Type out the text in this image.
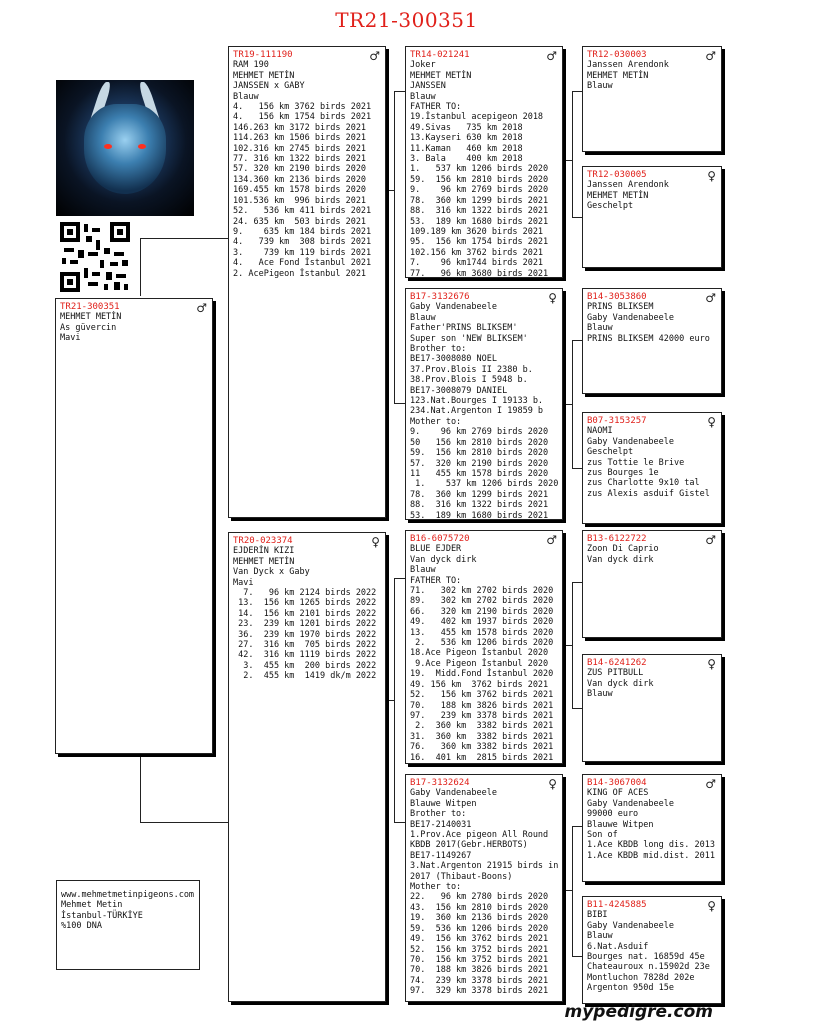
TR21-300351
TR21-300351	♂
MEHMET METİN
As güvercin
Mavi
www.mehmetmetinpigeons.com
Mehmet Metin
İstanbul-TÜRKİYE
%100 DNA
TR19-111190	♂
RAM 190
MEHMET METİN
JANSSEN x GABY
Blauw
4.   156 km 3762 birds 2021
4.   156 km 1754 birds 2021
146.263 km 3172 birds 2021
114.263 km 1506 birds 2021
102.316 km 2745 birds 2021
77. 316 km 1322 birds 2021
57. 320 km 2190 birds 2020
134.360 km 2136 birds 2020
169.455 km 1578 birds 2020
101.536 km  996 birds 2021
52.   536 km 411 birds 2021
24. 635 km  503 birds 2021
9.    635 km 184 birds 2021
4.   739 km  308 birds 2021
3.    739 km 119 birds 2021
4.   Ace Fond İstanbul 2021
2. AcePigeon İstanbul 2021
TR20-023374	♀
EJDERİN KIZI
MEHMET METİN
Van Dyck x Gaby
Mavi
7.   96 km 2124 birds 2022
13.  156 km 1265 birds 2022
14.  156 km 2101 birds 2022
23.  239 km 1201 birds 2022
36.  239 km 1970 birds 2022
27.  316 km  705 birds 2022
42.  316 km 1119 birds 2022
3.  455 km  200 birds 2022
2.  455 km  1419 dk/m 2022
TR14-021241	♂
Joker
MEHMET METİN
JANSSEN
Blauw
FATHER TO:
19.İstanbul acepigeon 2018
49.Sivas   735 km 2018
13.Kayseri 630 km 2018
11.Kaman   460 km 2018
3. Bala    400 km 2018
1.   537 km 1206 birds 2020
59.  156 km 2810 birds 2020
9.    96 km 2769 birds 2020
78.  360 km 1299 birds 2021
88.  316 km 1322 birds 2021
53.  189 km 1680 birds 2021
109.189 km 3620 birds 2021
95.  156 km 1754 birds 2021
102.156 km 3762 birds 2021
7.    96 km1744 birds 2021
77.   96 km 3680 birds 2021
B17-3132676	♀
Gaby Vandenabeele
Blauw
Father'PRINS BLIKSEM'
Super son 'NEW BLIKSEM'
Brother to:
BE17-3008080 NOEL
37.Prov.Blois II 2380 b.
38.Prov.Blois I 5948 b.
BE17-3008079 DANIEL
123.Nat.Bourges I 19133 b.
234.Nat.Argenton I 19859 b
Mother to:
9.    96 km 2769 birds 2020
50   156 km 2810 birds 2020
59.  156 km 2810 birds 2020
57.  320 km 2190 birds 2020
11   455 km 1578 birds 2020
1.    537 km 1206 birds 2020
78.  360 km 1299 birds 2021
88.  316 km 1322 birds 2021
53.  189 km 1680 birds 2021
B16-6075720	♂
BLUE EJDER
Van dyck dirk
Blauw
FATHER TO:
71.   302 km 2702 birds 2020
89.   302 km 2702 birds 2020
66.   320 km 2190 birds 2020
49.   402 km 1937 birds 2020
13.   455 km 1578 birds 2020
2.   536 km 1206 birds 2020
18.Ace Pigeon İstanbul 2020
9.Ace Pigeon İstanbul 2020
19.  Midd.Fond İstanbul 2020
49. 156 km  3762 birds 2021
52.   156 km 3762 birds 2021
70.   188 km 3826 birds 2021
97.   239 km 3378 birds 2021
2.  360 km  3382 birds 2021
31.  360 km  3382 birds 2021
76.   360 km 3382 birds 2021
16.  401 km  2815 birds 2021
B17-3132624	♀
Gaby Vandenabeele
Blauwe Witpen
Brother to:
BE17-2140031
1.Prov.Ace pigeon All Round
KBDB 2017(Gebr.HERBOTS)
BE17-1149267
3.Nat.Argenton 21915 birds in
2017 (Thibaut-Boons)
Mother to:
22.   96 km 2780 birds 2020
43.  156 km 2810 birds 2020
19.  360 km 2136 birds 2020
59.  536 km 1206 birds 2020
49.  156 km 3762 birds 2021
52.  156 km 3752 birds 2021
70.  156 km 3752 birds 2021
70.  188 km 3826 birds 2021
74.  239 km 3378 birds 2021
97.  329 km 3378 birds 2021
TR12-030003	♂
Janssen Arendonk
MEHMET METİN
Blauw
TR12-030005	♀
Janssen Arendonk
MEHMET METİN
Geschelpt
B14-3053860	♂
PRINS BLIKSEM
Gaby Vandenabeele
Blauw
PRINS BLIKSEM 42000 euro
B07-3153257	♀
NAOMI
Gaby Vandenabeele
Geschelpt
zus Tottie le Brive
zus Bourges 1e
zus Charlotte 9x10 tal
zus Alexis asduif Gistel
B13-6122722	♂
Zoon Di Caprio
Van dyck dirk
B14-6241262	♀
ZUS PITBULL
Van dyck dirk
Blauw
B14-3067004	♂
KING OF ACES
Gaby Vandenabeele
99000 euro
Blauwe Witpen
Son of
1.Ace KBDB long dis. 2013
1.Ace KBDB mid.dist. 2011
B11-4245885	♀
BIBI
Gaby Vandenabeele
Blauw
6.Nat.Asduif
Bourges nat. 16859d 45e
Chateauroux n.15902d 23e
Montluchon 7828d 202e
Argenton 950d 15e
mypedigre.com
